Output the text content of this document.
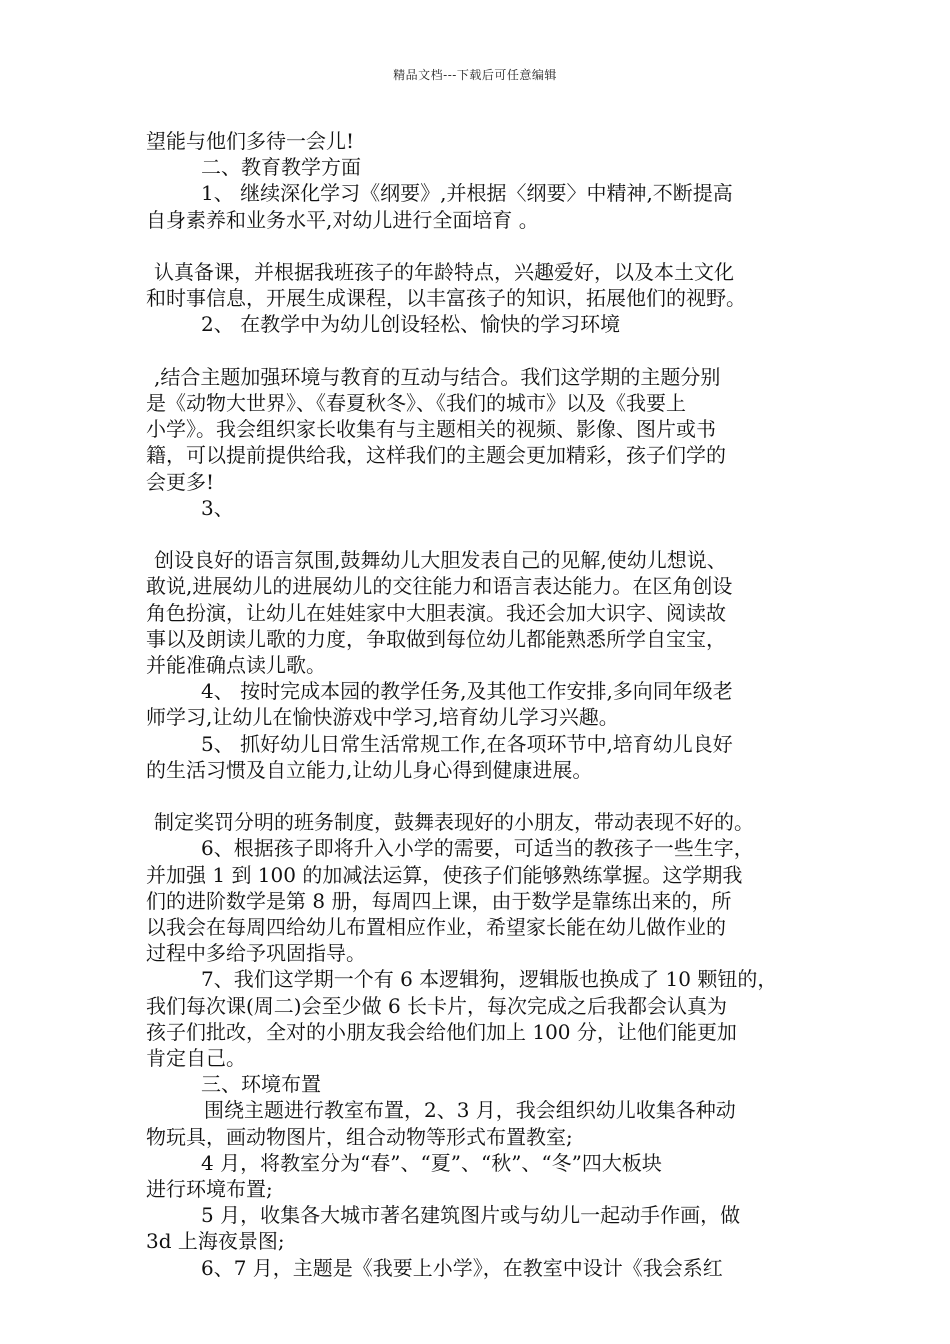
精品文档---下载后可任意编辑

望能与他们多待一会儿!

二、教育教学方面

1、 继续深化学习《纲要》,并根据〈纲要〉中精神,不断提高

自身素养和业务水平,对幼儿进行全面培育 。

认真备课，并根据我班孩子的年龄特点，兴趣爱好，以及本土文化

和时事信息，开展生成课程，以丰富孩子的知识，拓展他们的视野。

2、 在教学中为幼儿创设轻松、愉快的学习环境

,结合主题加强环境与教育的互动与结合。我们这学期的主题分别

是《动物大世界》、《春夏秋冬》、《我们的城市》以及《我要上

小学》。我会组织家长收集有与主题相关的视频、影像、图片或书

籍，可以提前提供给我，这样我们的主题会更加精彩，孩子们学的

会更多!

3、

创设良好的语言氛围,鼓舞幼儿大胆发表自己的见解,使幼儿想说、

敢说,进展幼儿的进展幼儿的交往能力和语言表达能力。在区角创设

角色扮演，让幼儿在娃娃家中大胆表演。我还会加大识字、阅读故

事以及朗读儿歌的力度，争取做到每位幼儿都能熟悉所学自宝宝，

并能准确点读儿歌。

4、 按时完成本园的教学任务,及其他工作安排,多向同年级老

师学习,让幼儿在愉快游戏中学习,培育幼儿学习兴趣。

5、 抓好幼儿日常生活常规工作,在各项环节中,培育幼儿良好

的生活习惯及自立能力,让幼儿身心得到健康进展。

制定奖罚分明的班务制度，鼓舞表现好的小朋友，带动表现不好的。

6、根据孩子即将升入小学的需要，可适当的教孩子一些生字，

并加强 1 到 100 的加减法运算，使孩子们能够熟练掌握。这学期我

们的进阶数学是第 8 册，每周四上课，由于数学是靠练出来的，所

以我会在每周四给幼儿布置相应作业，希望家长能在幼儿做作业的

过程中多给予巩固指导。

7、我们这学期一个有 6 本逻辑狗，逻辑版也换成了 10 颗钮的，

我们每次课(周二)会至少做 6 长卡片，每次完成之后我都会认真为

孩子们批改，全对的小朋友我会给他们加上 100 分，让他们能更加

肯定自己。

三、环境布置

围绕主题进行教室布置，2、3 月，我会组织幼儿收集各种动

物玩具，画动物图片，组合动物等形式布置教室;

4 月，将教室分为“春”、“夏”、“秋”、“冬”四大板块

进行环境布置;

5 月，收集各大城市著名建筑图片或与幼儿一起动手作画，做

3d 上海夜景图;

6、7 月，主题是《我要上小学》，在教室中设计《我会系红
